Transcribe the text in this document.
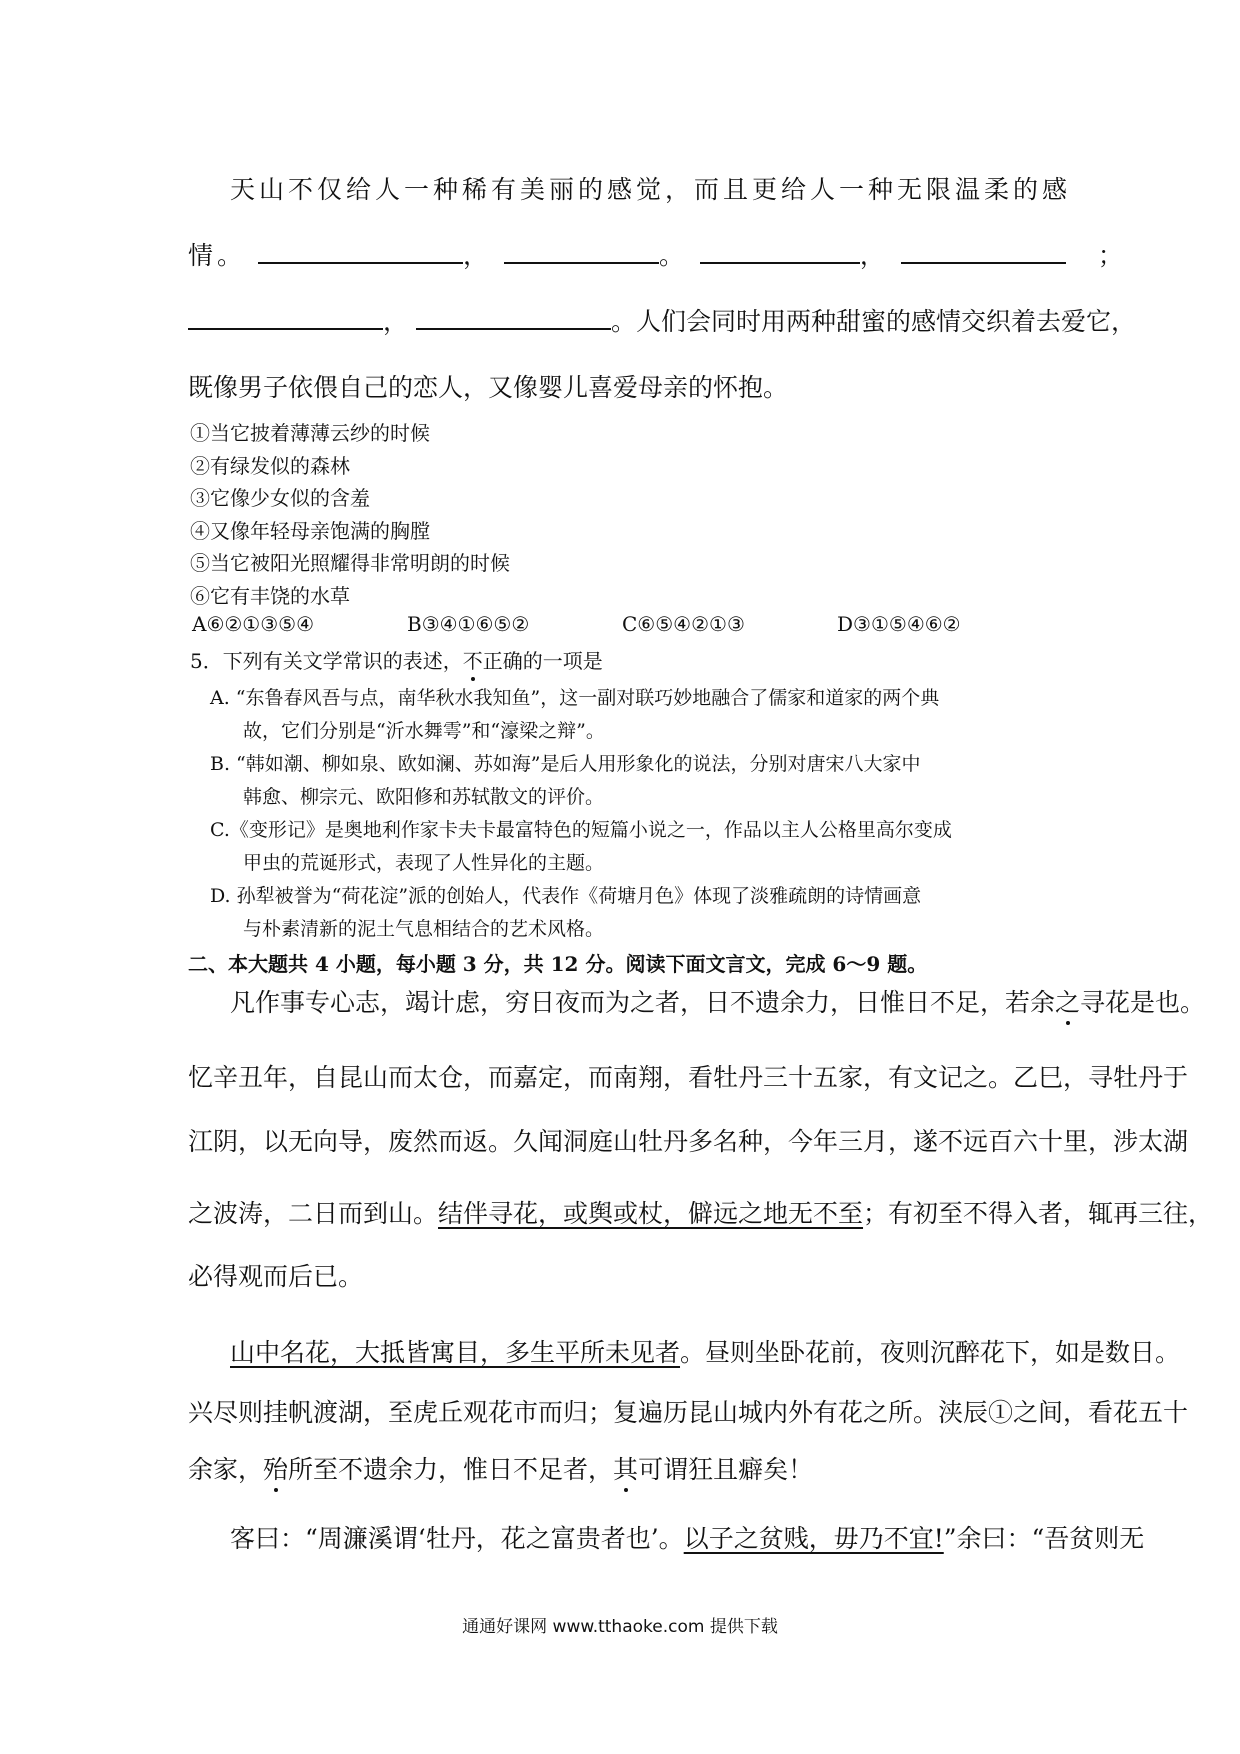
天山不仅给人一种稀有美丽的感觉，而且更给人一种无限温柔的感
情。	，	。	，	；
，	。人们会同时用两种甜蜜的感情交织着去爱它，
既像男子依偎自己的恋人，又像婴儿喜爱母亲的怀抱。
①当它披着薄薄云纱的时候
②有绿发似的森林
③它像少女似的含羞
④又像年轻母亲饱满的胸膛
⑤当它被阳光照耀得非常明朗的时候
⑥它有丰饶的水草
A⑥②①③⑤④	B③④①⑥⑤②	C⑥⑤④②①③	D③①⑤④⑥②
5．下列有关文学常识的表述，不正确的一项是
A. “东鲁春风吾与点，南华秋水我知鱼”，这一副对联巧妙地融合了儒家和道家的两个典
故，它们分别是“沂水舞雩”和“濠梁之辩”。
B. “韩如潮、柳如泉、欧如澜、苏如海”是后人用形象化的说法，分别对唐宋八大家中
韩愈、柳宗元、欧阳修和苏轼散文的评价。
C.《变形记》是奥地利作家卡夫卡最富特色的短篇小说之一，作品以主人公格里高尔变成
甲虫的荒诞形式，表现了人性异化的主题。
D. 孙犁被誉为“荷花淀”派的创始人，代表作《荷塘月色》体现了淡雅疏朗的诗情画意
与朴素清新的泥土气息相结合的艺术风格。
二、本大题共 4 小题，每小题 3 分，共 12 分。阅读下面文言文，完成 6～9 题。
凡作事专心志，竭计虑，穷日夜而为之者，日不遗余力，日惟日不足，若余之寻花是也。
忆辛丑年，自昆山而太仓，而嘉定，而南翔，看牡丹三十五家，有文记之。乙巳，寻牡丹于
江阴，以无向导，废然而返。久闻洞庭山牡丹多名种，今年三月，遂不远百六十里，涉太湖
之波涛，二日而到山。结伴寻花，或舆或杖，僻远之地无不至；有初至不得入者，辄再三往，
必得观而后已。
山中名花，大抵皆寓目，多生平所未见者。昼则坐卧花前，夜则沉醉花下，如是数日。
兴尽则挂帆渡湖，至虎丘观花市而归；复遍历昆山城内外有花之所。浃辰①之间，看花五十
余家，殆所至不遗余力，惟日不足者，其可谓狂且癖矣！
客曰：“周濂溪谓‘牡丹，花之富贵者也’。以子之贫贱，毋乃不宜!”余曰：“吾贫则无
通通好课网 www.tthaoke.com 提供下载
